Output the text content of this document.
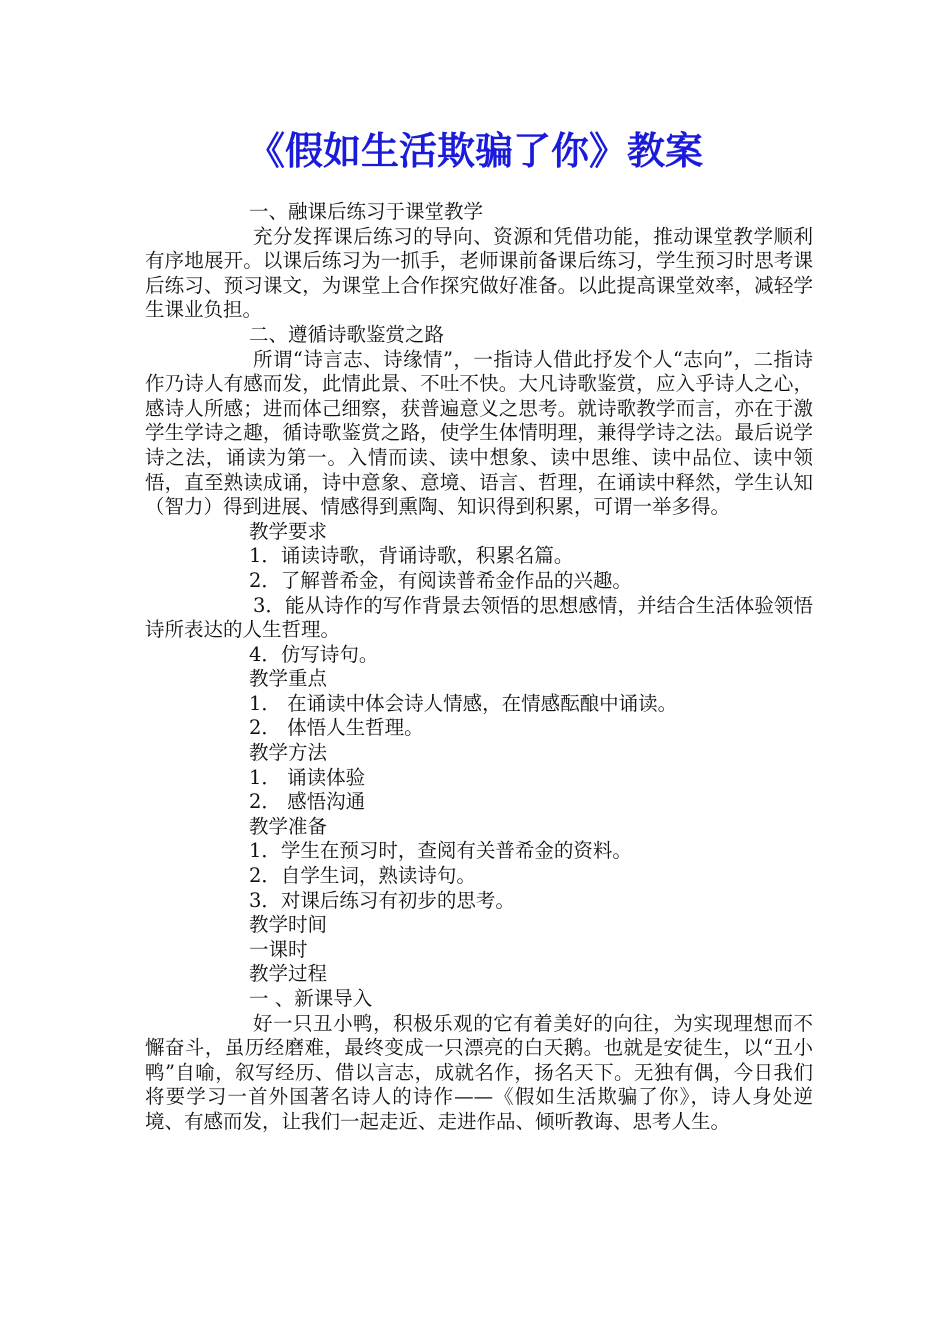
《假如生活欺骗了你》教案

一、融课后练习于课堂教学

充分发挥课后练习的导向、资源和凭借功能，推动课堂教学顺利有序地展开。以课后练习为一抓手，老师课前备课后练习，学生预习时思考课后练习、预习课文，为课堂上合作探究做好准备。以此提高课堂效率，减轻学生课业负担。

二、遵循诗歌鉴赏之路

所谓“诗言志、诗缘情”，一指诗人借此抒发个人“志向”，二指诗作乃诗人有感而发，此情此景、不吐不快。大凡诗歌鉴赏，应入乎诗人之心，感诗人所感；进而体己细察，获普遍意义之思考。就诗歌教学而言，亦在于激学生学诗之趣，循诗歌鉴赏之路，使学生体情明理，兼得学诗之法。最后说学诗之法，诵读为第一。入情而读、读中想象、读中思维、读中品位、读中领悟，直至熟读成诵，诗中意象、意境、语言、哲理，在诵读中释然，学生认知（智力）得到进展、情感得到熏陶、知识得到积累，可谓一举多得。

教学要求

1．诵读诗歌，背诵诗歌，积累名篇。

2．了解普希金，有阅读普希金作品的兴趣。

3．能从诗作的写作背景去领悟的思想感情，并结合生活体验领悟诗所表达的人生哲理。

4．仿写诗句。

教学重点

1． 在诵读中体会诗人情感，在情感酝酿中诵读。

2． 体悟人生哲理。

教学方法

1． 诵读体验

2． 感悟沟通

教学准备

1．学生在预习时，查阅有关普希金的资料。

2．自学生词，熟读诗句。

3．对课后练习有初步的思考。

教学时间

一课时

教学过程

一 、新课导入

好一只丑小鸭，积极乐观的它有着美好的向往，为实现理想而不懈奋斗，虽历经磨难，最终变成一只漂亮的白天鹅。也就是安徒生，以“丑小鸭”自喻，叙写经历、借以言志，成就名作，扬名天下。无独有偶，今日我们将要学习一首外国著名诗人的诗作——《假如生活欺骗了你》，诗人身处逆境、有感而发，让我们一起走近、走进作品、倾听教诲、思考人生。
